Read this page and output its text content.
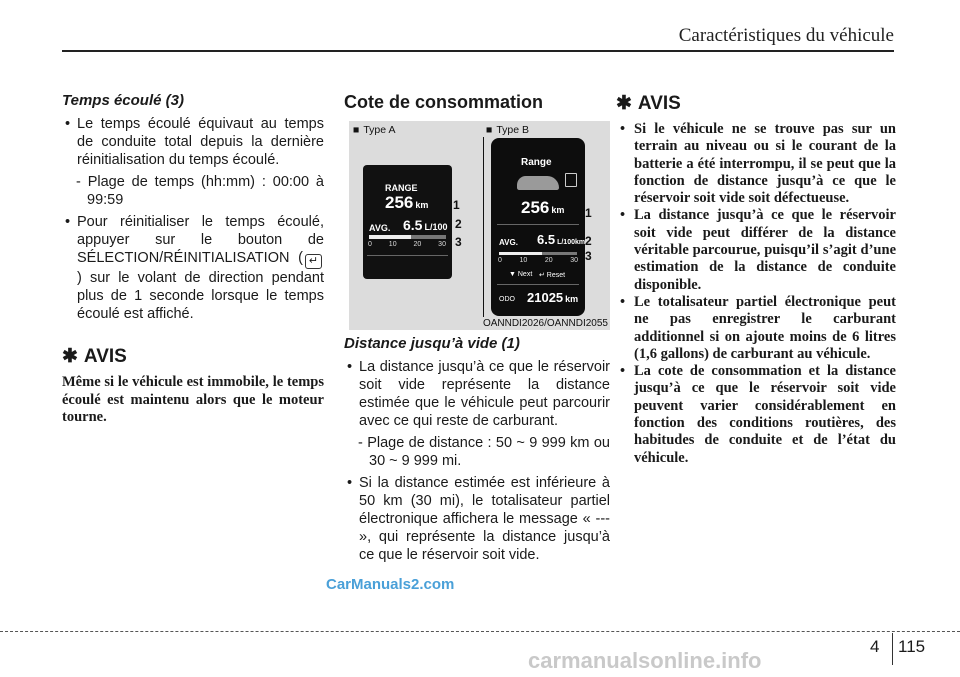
Caractéristiques du véhicule

Temps écoulé (3)

• Le temps écoulé équivaut au temps de conduite total depuis la dernière réinitialisation du temps écoulé.

- Plage de temps (hh:mm) : 00:00 à 99:59

• Pour réinitialiser le temps écoulé, appuyer sur le bouton de SÉLECTION/RÉINITIALISATION ( ↵) sur le volant de direction pendant plus de 1 seconde lorsque le temps écoulé est affiché.

✱ AVIS

Même si le véhicule est immobile, le temps écoulé est maintenu alors que le moteur tourne.

Cote de consommation

■ Type A
■	Type B
RANGE
256 km
AVG. 6.5 L/100
0 10 20 30
1
2
3
Range
256 km
AVG. 6.5 L/100km
0	10	20	30
▼ Next ↵ Reset
ODO 21025 km
1
2
3
OANNDI2026/OANNDI2055

Distance jusqu’à vide (1)

• La distance jusqu’à ce que le réservoir soit vide représente la distance estimée que le véhicule peut parcourir avec ce qui reste de carburant.

- Plage de distance : 50 ~ 9 999 km ou 30 ~ 9 999 mi.

• Si la distance estimée est inférieure à 50 km (30 mi), le totalisateur partiel électronique affichera le message « --- », qui représente la distance jusqu’à ce que le réservoir soit vide.

✱ AVIS

• Si le véhicule ne se trouve pas sur un terrain au niveau ou si le courant de la batterie a été interrompu, il se peut que la fonction de distance jusqu’à ce que le réservoir soit vide soit défectueuse.

• La distance jusqu’à ce que le réservoir soit vide peut différer de la distance véritable parcourue, puisqu’il s’agit d’une estimation de la distance de conduite disponible.

• Le totalisateur partiel électronique peut ne pas enregistrer le carburant additionnel si on ajoute moins de 6 litres (1,6 gallons) de carburant au véhicule.

• La cote de consommation et la distance jusqu’à ce que le réservoir soit vide peuvent varier considérablement en fonction des conditions routières, des habitudes de conduite et de l’état du véhicule.

CarManuals2.com
4 115
carmanualsonline.info
